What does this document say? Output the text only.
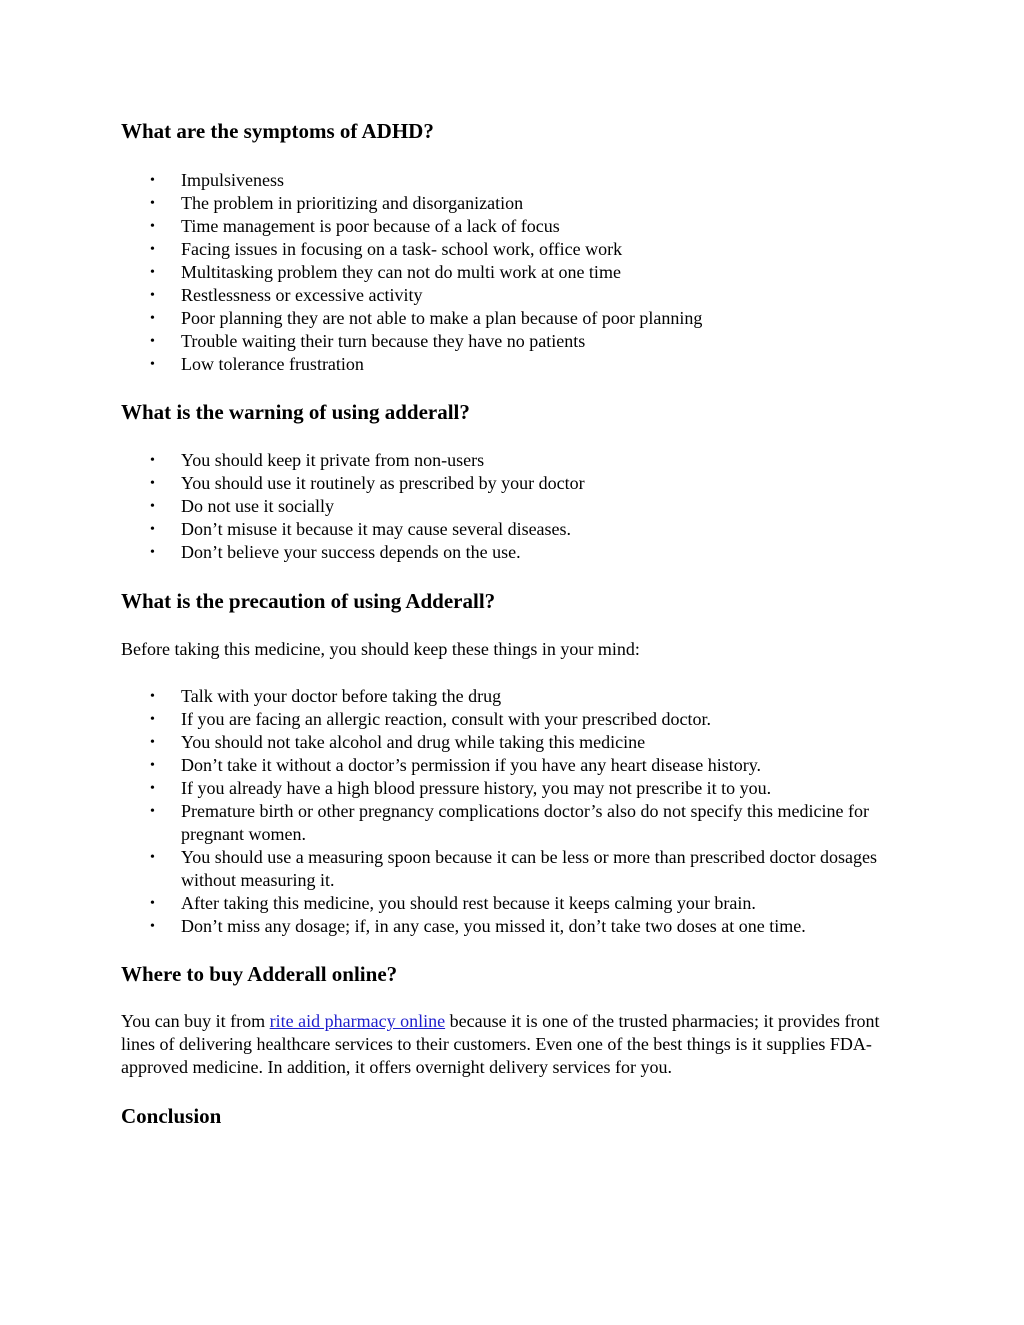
What are the symptoms of ADHD?
• Impulsiveness
• The problem in prioritizing and disorganization
• Time management is poor because of a lack of focus
• Facing issues in focusing on a task- school work, office work
• Multitasking problem they can not do multi work at one time
• Restlessness or excessive activity
• Poor planning they are not able to make a plan because of poor planning
• Trouble waiting their turn because they have no patients
• Low tolerance frustration
What is the warning of using adderall?
• You should keep it private from non-users
• You should use it routinely as prescribed by your doctor
• Do not use it socially
• Don’t misuse it because it may cause several diseases.
• Don’t believe your success depends on the use.
What is the precaution of using Adderall?

Before taking this medicine, you should keep these things in your mind:

• Talk with your doctor before taking the drug
• If you are facing an allergic reaction, consult with your prescribed doctor.
• You should not take alcohol and drug while taking this medicine
• Don’t take it without a doctor’s permission if you have any heart disease history.
• If you already have a high blood pressure history, you may not prescribe it to you.
• Premature birth or other pregnancy complications doctor’s also do not specify this medicine for pregnant women.
• You should use a measuring spoon because it can be less or more than prescribed doctor dosages without measuring it.
• After taking this medicine, you should rest because it keeps calming your brain.
• Don’t miss any dosage; if, in any case, you missed it, don’t take two doses at one time.
Where to buy Adderall online?

You can buy it from rite aid pharmacy online because it is one of the trusted pharmacies; it provides front lines of delivering healthcare services to their customers. Even one of the best things is it supplies FDA-approved medicine. In addition, it offers overnight delivery services for you.

Conclusion
